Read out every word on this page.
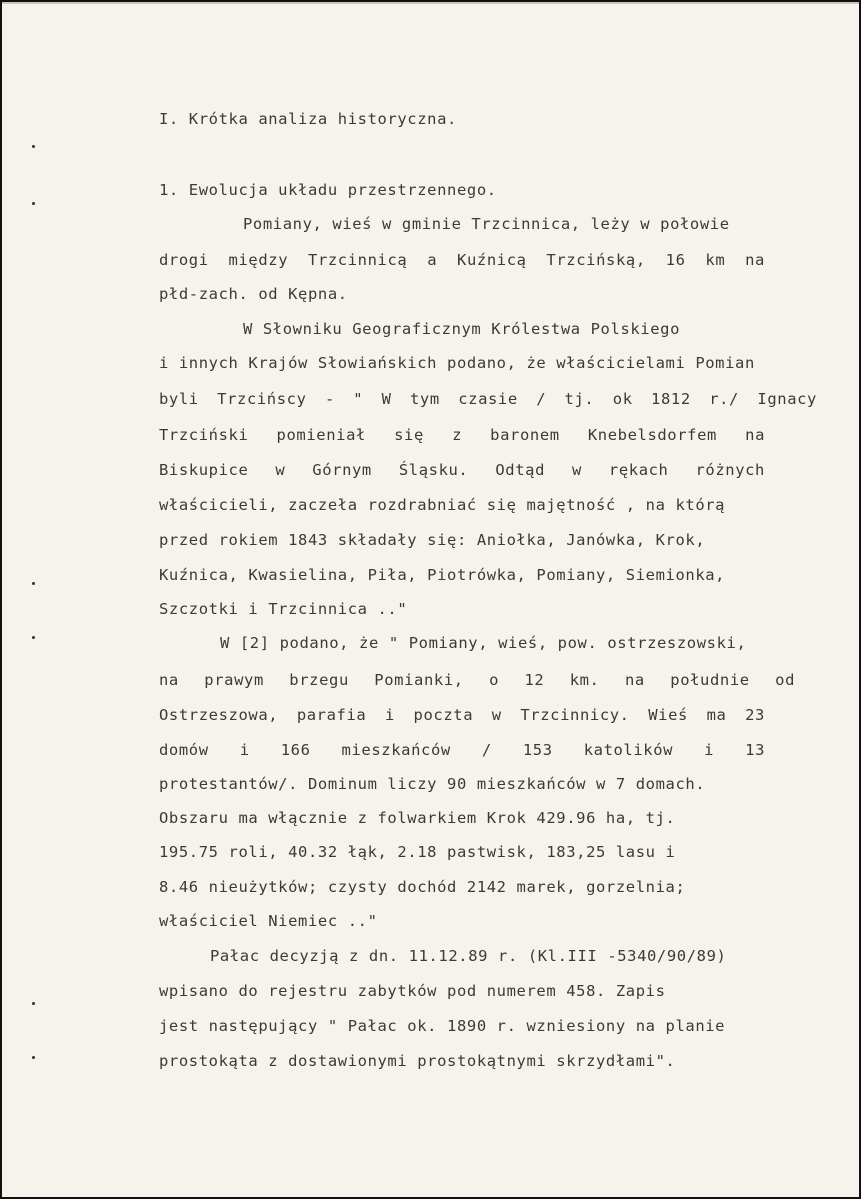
I. Krótka analiza historyczna.
1. Ewolucja układu przestrzennego.
Pomiany, wieś w gminie Trzcinnica, leży w połowie
drogi między Trzcinnicą a Kuźnicą Trzcińską, 16 km na
płd-zach. od Kępna.
W Słowniku Geograficznym Królestwa Polskiego
i innych Krajów Słowiańskich podano, że właścicielami Pomian
byli Trzcińscy - " W tym czasie / tj. ok 1812 r./ Ignacy
Trzciński pomieniał się z baronem Knebelsdorfem na
Biskupice w Górnym Śląsku. Odtąd w rękach różnych
właścicieli, zaczeła rozdrabniać się majętność , na którą
przed rokiem 1843 składały się: Aniołka, Janówka, Krok,
Kuźnica, Kwasielina, Piła, Piotrówka, Pomiany, Siemionka,
Szczotki i Trzcinnica .."
W [2] podano, że " Pomiany, wieś, pow. ostrzeszowski,
na prawym brzegu Pomianki, o 12 km. na południe od
Ostrzeszowa, parafia i poczta w Trzcinnicy. Wieś ma 23
domów i 166 mieszkańców / 153 katolików i 13
protestantów/. Dominum liczy 90 mieszkańców w 7 domach.
Obszaru ma włącznie z folwarkiem Krok 429.96 ha, tj.
195.75 roli, 40.32 łąk, 2.18 pastwisk, 183,25 lasu i
8.46 nieużytków; czysty dochód 2142 marek, gorzelnia;
właściciel Niemiec .."
Pałac decyzją z dn. 11.12.89 r. (Kl.III -5340/90/89)
wpisano do rejestru zabytków pod numerem 458. Zapis
jest następujący " Pałac ok. 1890 r. wzniesiony na planie
prostokąta z dostawionymi prostokątnymi skrzydłami".
